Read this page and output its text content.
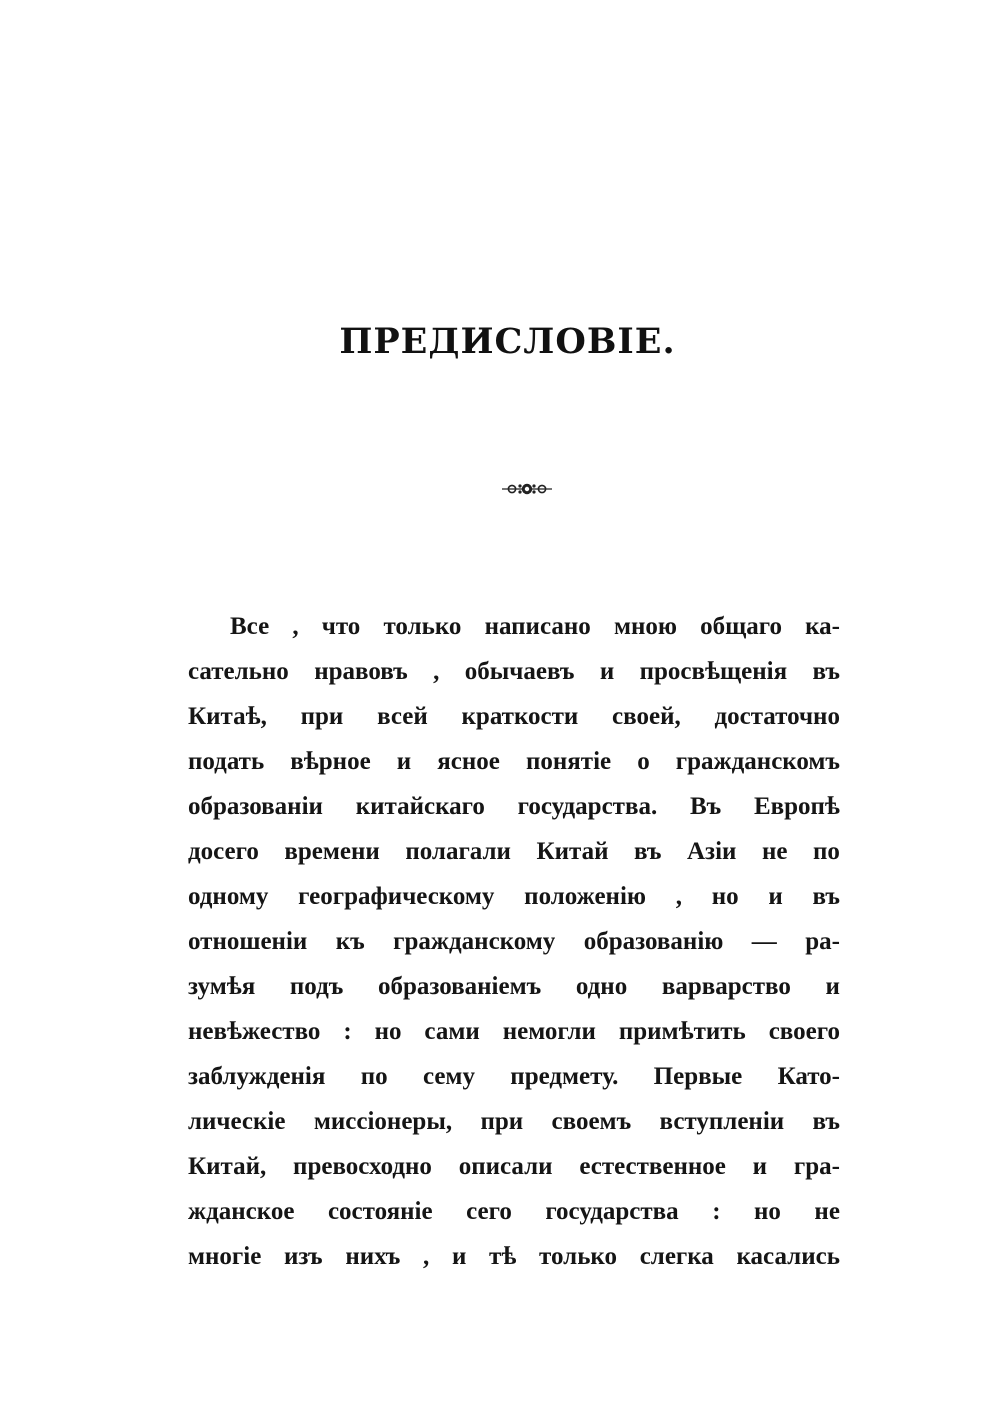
ПРЕДИСЛОВІЕ.
Все , что только написано мною общаго ка-
сательно нравовъ , обычаевъ и просвѣщенія въ
Китаѣ, при всей краткости своей, достаточно
подать вѣрное и ясное понятіе о гражданскомъ
образованіи китайскаго государства. Въ Европѣ
досего времени полагали Китай въ Азіи не по
одному географическому положенію , но и въ
отношеніи къ гражданскому образованію — ра-
зумѣя подъ образованіемъ одно варварство и
невѣжество : но сами немогли примѣтить своего
заблужденія по сему предмету. Первые Като-
лическіе миссіонеры, при своемъ вступленіи въ
Китай, превосходно описали естественное и гра-
жданское состояніе сего государства : но не
многіе изъ нихъ , и тѣ только слегка касались
